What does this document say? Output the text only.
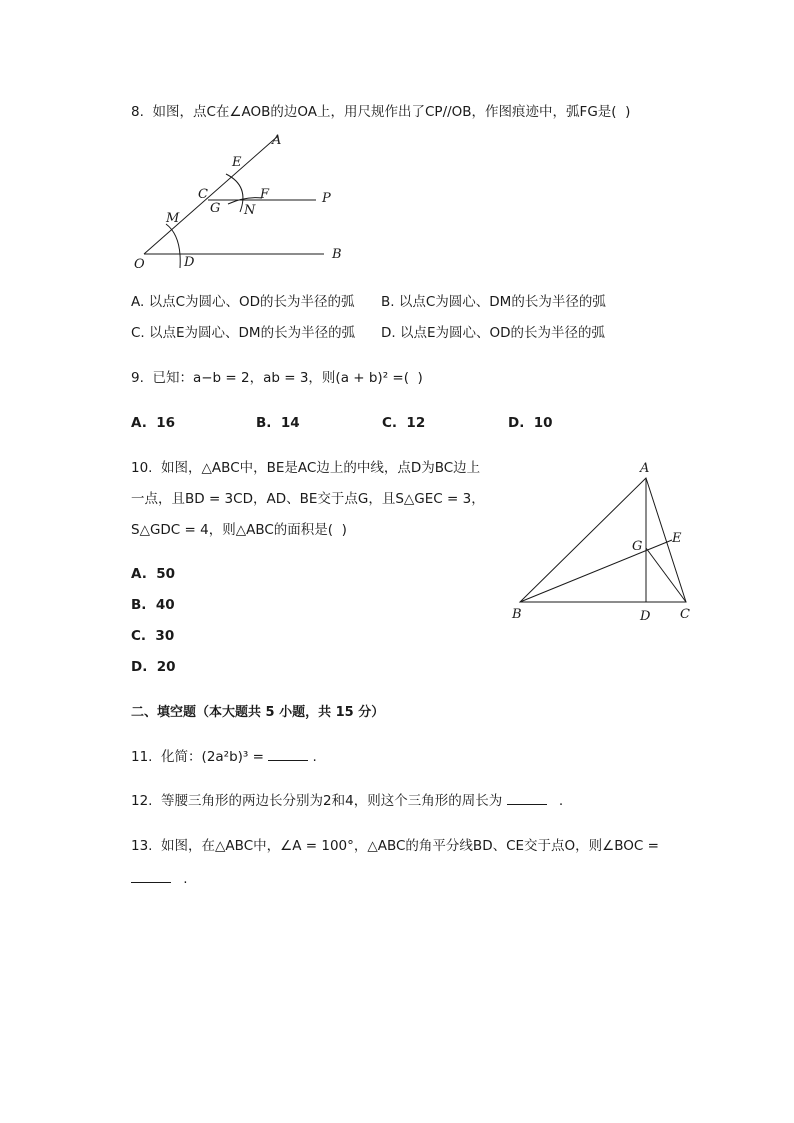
8.  如图，点C在∠AOB的边OA上，用尺规作出了CP//OB，作图痕迹中，弧FG是(  )
A
E
C	F	P
G N
M
O	D
B
A. 以点C为圆心、OD的长为半径的弧 B. 以点C为圆心、DM的长为半径的弧
C. 以点E为圆心、DM的长为半径的弧 D. 以点E为圆心、OD的长为半径的弧
9.  已知：a−b = 2，ab = 3，则(a + b)² =(  )
A.  16	B.  14	C.  12	D.  10
10.  如图，△ABC中，BE是AC边上的中线，点D为BC边上
一点，且BD = 3CD，AD、BE交于点G，且S△GEC = 3，
S△GDC = 4，则△ABC的面积是(  )
A
E
G
B	D C
A.  50
B.  40
C.  30
D.  20
二、填空题（本大题共 5 小题，共 15 分）
11.  化简：(2a²b)³ =	.
12.  等腰三角形的两边长分别为2和4，则这个三角形的周长为	.
13.  如图，在△ABC中，∠A = 100°，△ABC的角平分线BD、CE交于点O，则∠BOC =
.
